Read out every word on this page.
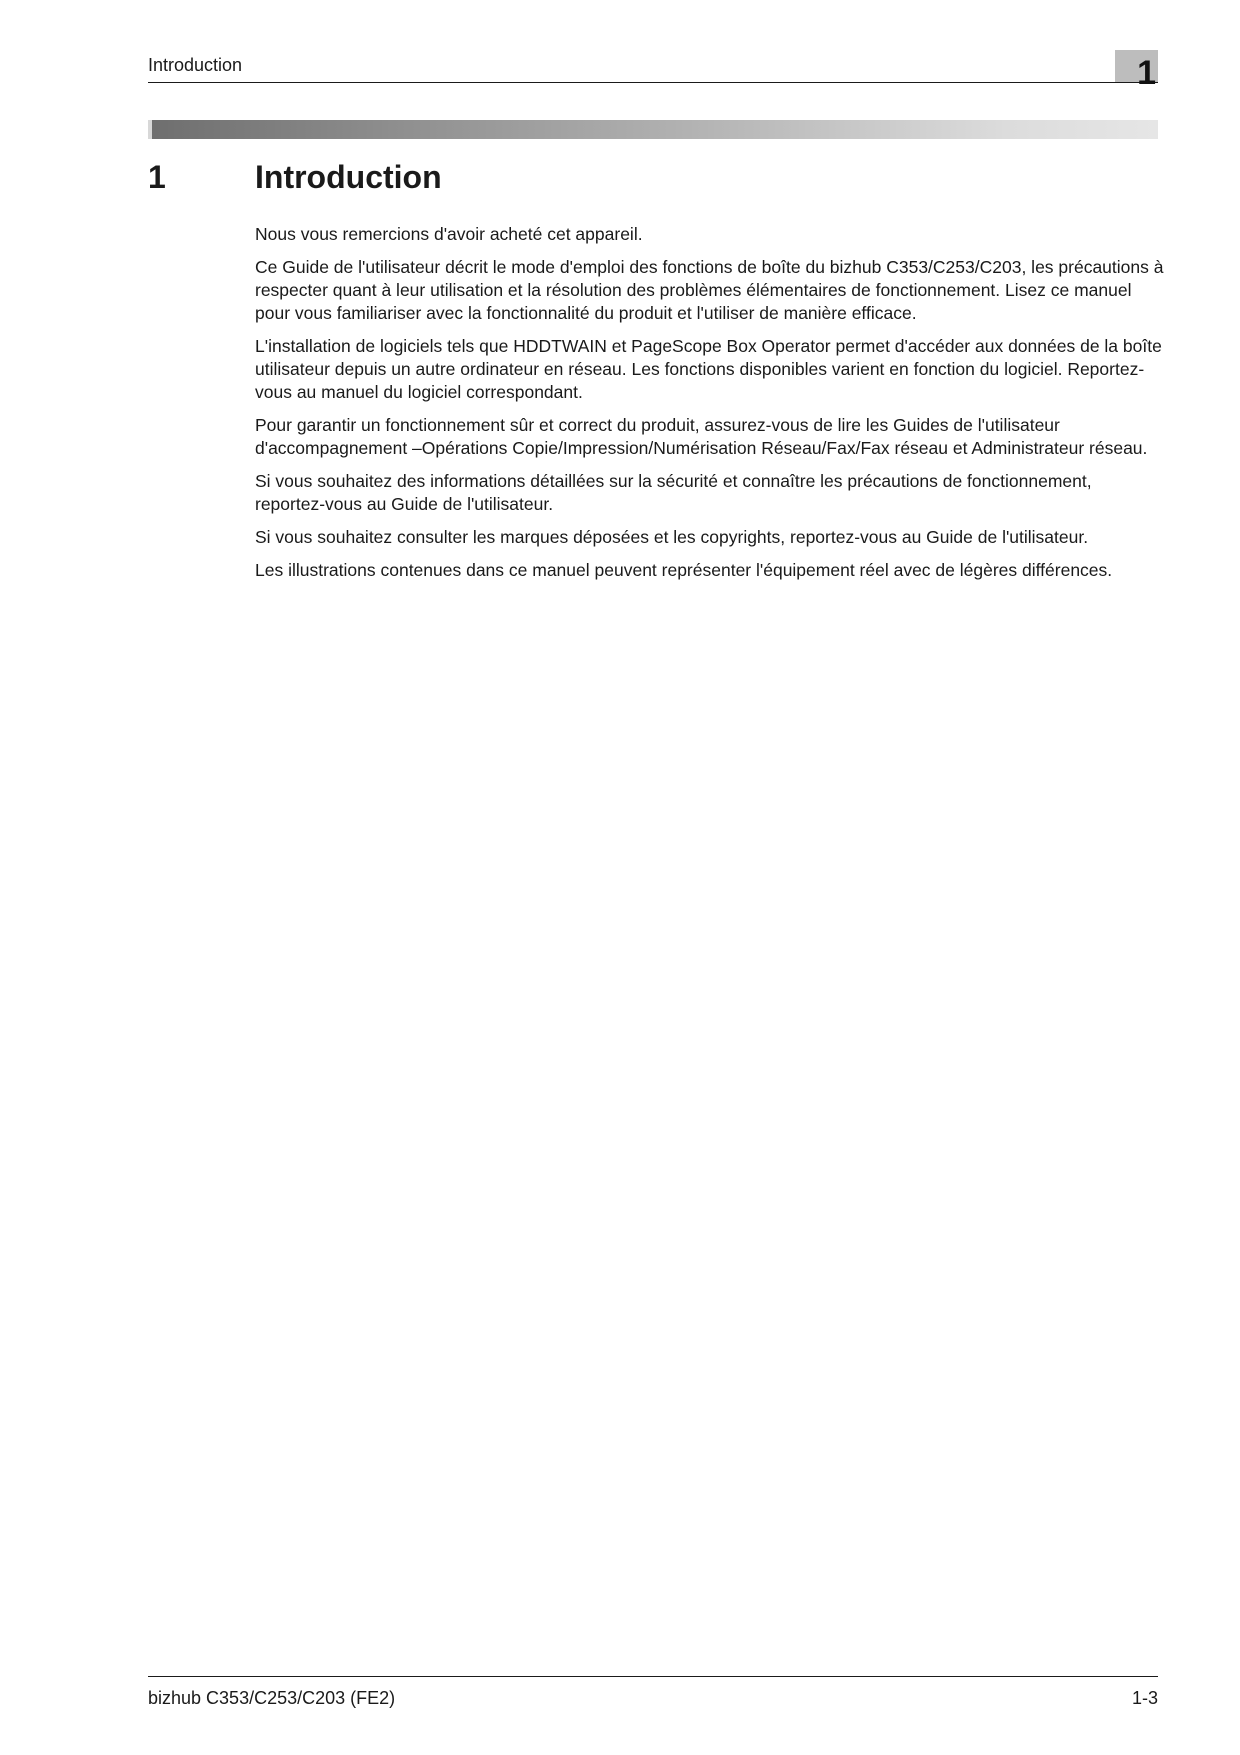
Introduction	1
1	Introduction

Nous vous remercions d'avoir acheté cet appareil.

Ce Guide de l'utilisateur décrit le mode d'emploi des fonctions de boîte du bizhub C353/C253/C203, les précautions à respecter quant à leur utilisation et la résolution des problèmes élémentaires de fonctionnement. Lisez ce manuel pour vous familiariser avec la fonctionnalité du produit et l'utiliser de manière efficace.

L'installation de logiciels tels que HDDTWAIN et PageScope Box Operator permet d'accéder aux données de la boîte utilisateur depuis un autre ordinateur en réseau. Les fonctions disponibles varient en fonction du logiciel. Reportez-vous au manuel du logiciel correspondant.

Pour garantir un fonctionnement sûr et correct du produit, assurez-vous de lire les Guides de l'utilisateur d'accompagnement –Opérations Copie/Impression/Numérisation Réseau/Fax/Fax réseau et Administrateur réseau.

Si vous souhaitez des informations détaillées sur la sécurité et connaître les précautions de fonctionnement, reportez-vous au Guide de l'utilisateur.

Si vous souhaitez consulter les marques déposées et les copyrights, reportez-vous au Guide de l'utilisateur.

Les illustrations contenues dans ce manuel peuvent représenter l'équipement réel avec de légères différences.

bizhub C353/C253/C203 (FE2)	1-3
